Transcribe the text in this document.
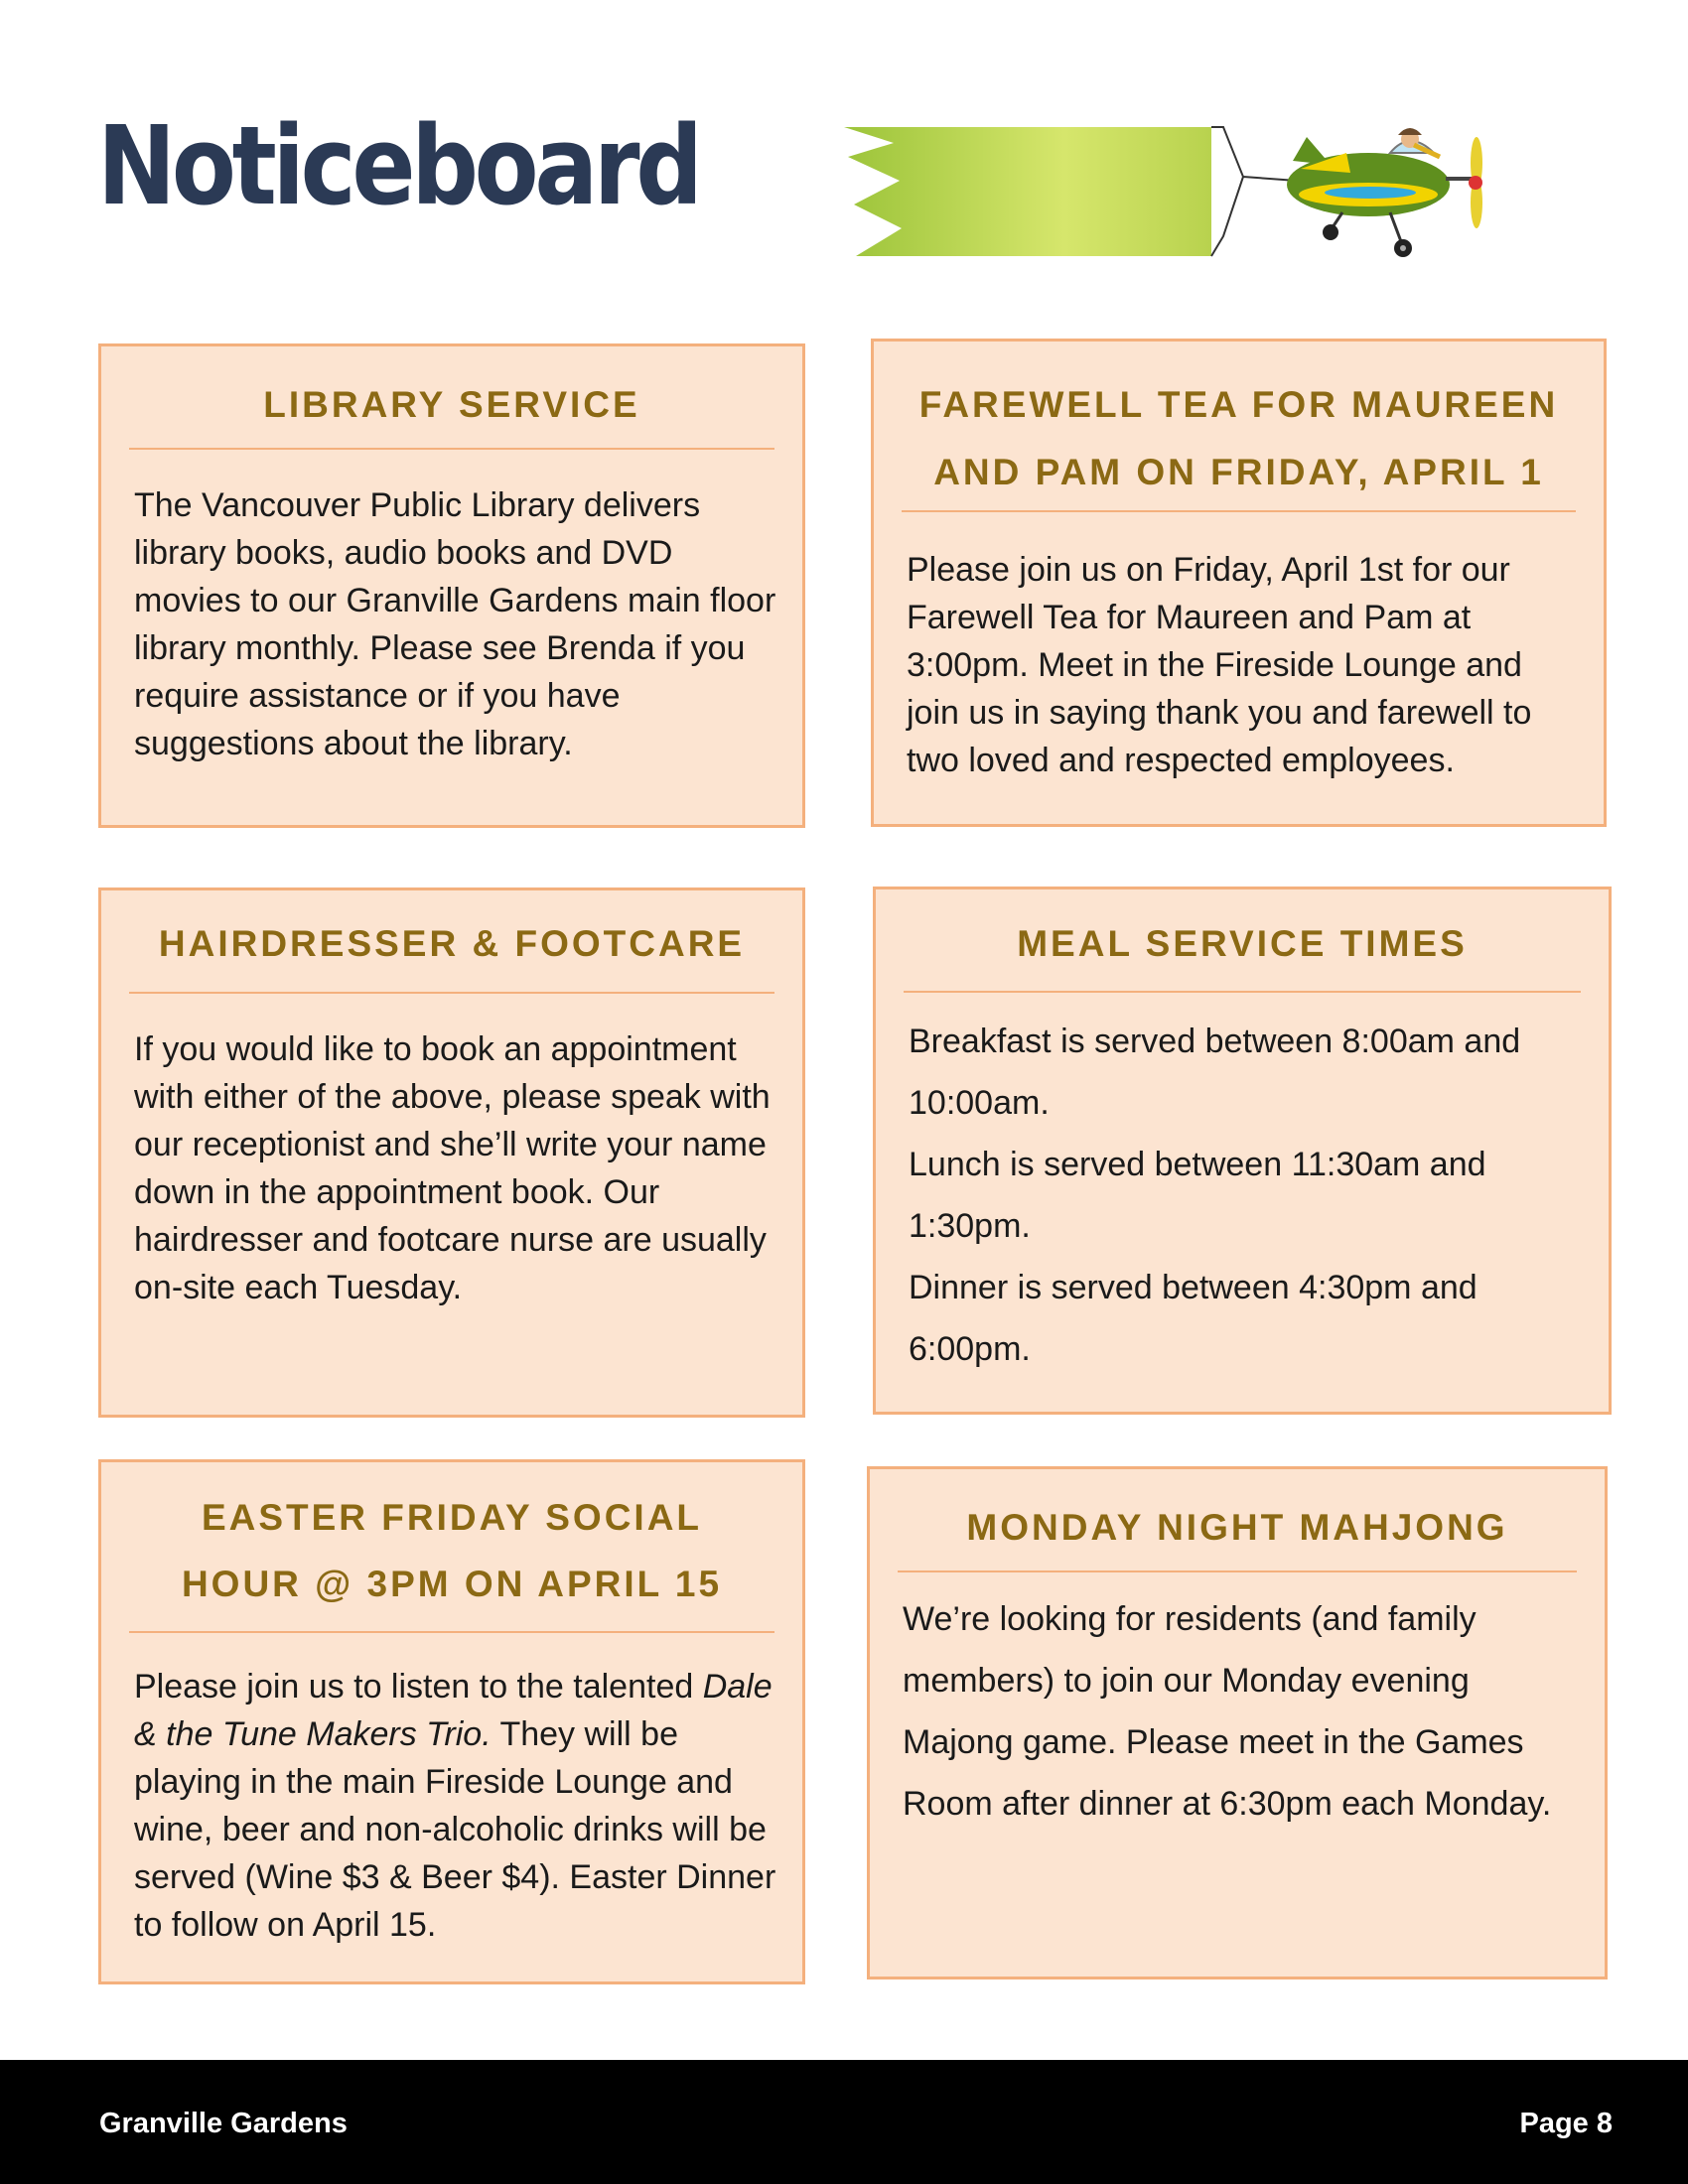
Noticeboard
LIBRARY SERVICE

The Vancouver Public Library delivers library books, audio books and DVD movies to our Granville Gardens main floor library monthly. Please see Brenda if you require assistance or if you have suggestions about the library.

FAREWELL TEA FOR MAUREEN AND PAM ON FRIDAY, APRIL 1

Please join us on Friday, April 1st for our Farewell Tea for Maureen and Pam at 3:00pm. Meet in the Fireside Lounge and join us in saying thank you and farewell to two loved and respected employees.

HAIRDRESSER & FOOTCARE

If you would like to book an appointment with either of the above, please speak with our receptionist and she’ll write your name down in the appointment book. Our hairdresser and footcare nurse are usually on-site each Tuesday.

MEAL SERVICE TIMES

Breakfast is served between 8:00am and 10:00am.

Lunch is served between 11:30am and 1:30pm.

Dinner is served between 4:30pm and 6:00pm.

EASTER FRIDAY SOCIAL HOUR @ 3PM ON APRIL 15

Please join us to listen to the talented Dale & the Tune Makers Trio. They will be playing in the main Fireside Lounge and wine, beer and non-alcoholic drinks will be served (Wine $3 & Beer $4). Easter Dinner to follow on April 15.

MONDAY NIGHT MAHJONG

We’re looking for residents (and family members) to join our Monday evening Majong game. Please meet in the Games Room after dinner at 6:30pm each Monday.

Granville Gardens	Page 8
